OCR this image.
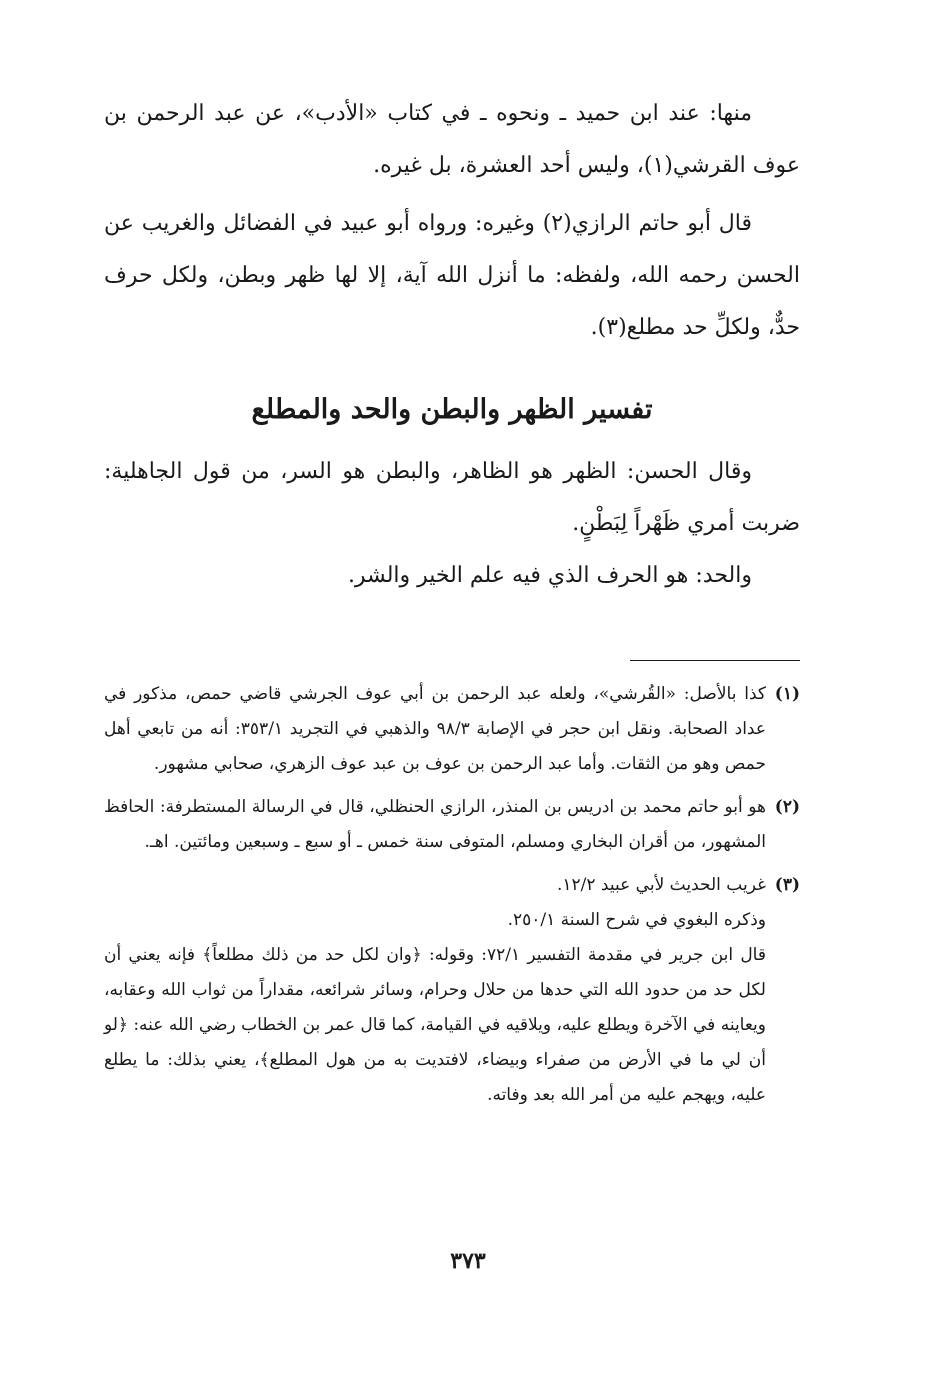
منها: عند ابن حميد ـ ونحوه ـ في كتاب «الأدب»، عن عبد الرحمن بن عوف القرشي(١)، وليس أحد العشرة، بل غيره.

قال أبو حاتم الرازي(٢) وغيره: ورواه أبو عبيد في الفضائل والغريب عن الحسن رحمه الله، ولفظه: ما أنزل الله آية، إلا لها ظهر وبطن، ولكل حرف حدٌّ، ولكلِّ حد مطلع(٣).

تفسير الظهر والبطن والحد والمطلع

وقال الحسن: الظهر هو الظاهر، والبطن هو السر، من قول الجاهلية: ضربت أمري ظَهْراً لِبَطْنٍ.

والحد: هو الحرف الذي فيه علم الخير والشر.

(١)
كذا بالأصل: «القُرشي»، ولعله عبد الرحمن بن أبي عوف الجرشي قاضي حمص، مذكور في عداد الصحابة. ونقل ابن حجر في الإصابة ٩٨/٣ والذهبي في التجريد ٣٥٣/١: أنه من تابعي أهل حمص وهو من الثقات. وأما عبد الرحمن بن عوف بن عبد عوف الزهري، صحابي مشهور.
(٢)
هو أبو حاتم محمد بن ادريس بن المنذر، الرازي الحنظلي، قال في الرسالة المستطرفة: الحافظ المشهور، من أقران البخاري ومسلم، المتوفى سنة خمس ـ أو سبع ـ وسبعين ومائتين. اهـ.
(٣)
غريب الحديث لأبي عبيد ١٢/٢.
وذكره البغوي في شرح السنة ٢٥٠/١.
قال ابن جرير في مقدمة التفسير ٧٢/١: وقوله: ﴿وان لكل حد من ذلك مطلعاً﴾ فإنه يعني أن لكل حد من حدود الله التي حدها من حلال وحرام، وسائر شرائعه، مقداراً من ثواب الله وعقابه، ويعاينه في الآخرة ويطلع عليه، ويلاقيه في القيامة، كما قال عمر بن الخطاب رضي الله عنه: ﴿لو أن لي ما في الأرض من صفراء وبيضاء، لافتديت به من هول المطلع﴾، يعني بذلك: ما يطلع عليه، ويهجم عليه من أمر الله بعد وفاته.
٣٧٣
